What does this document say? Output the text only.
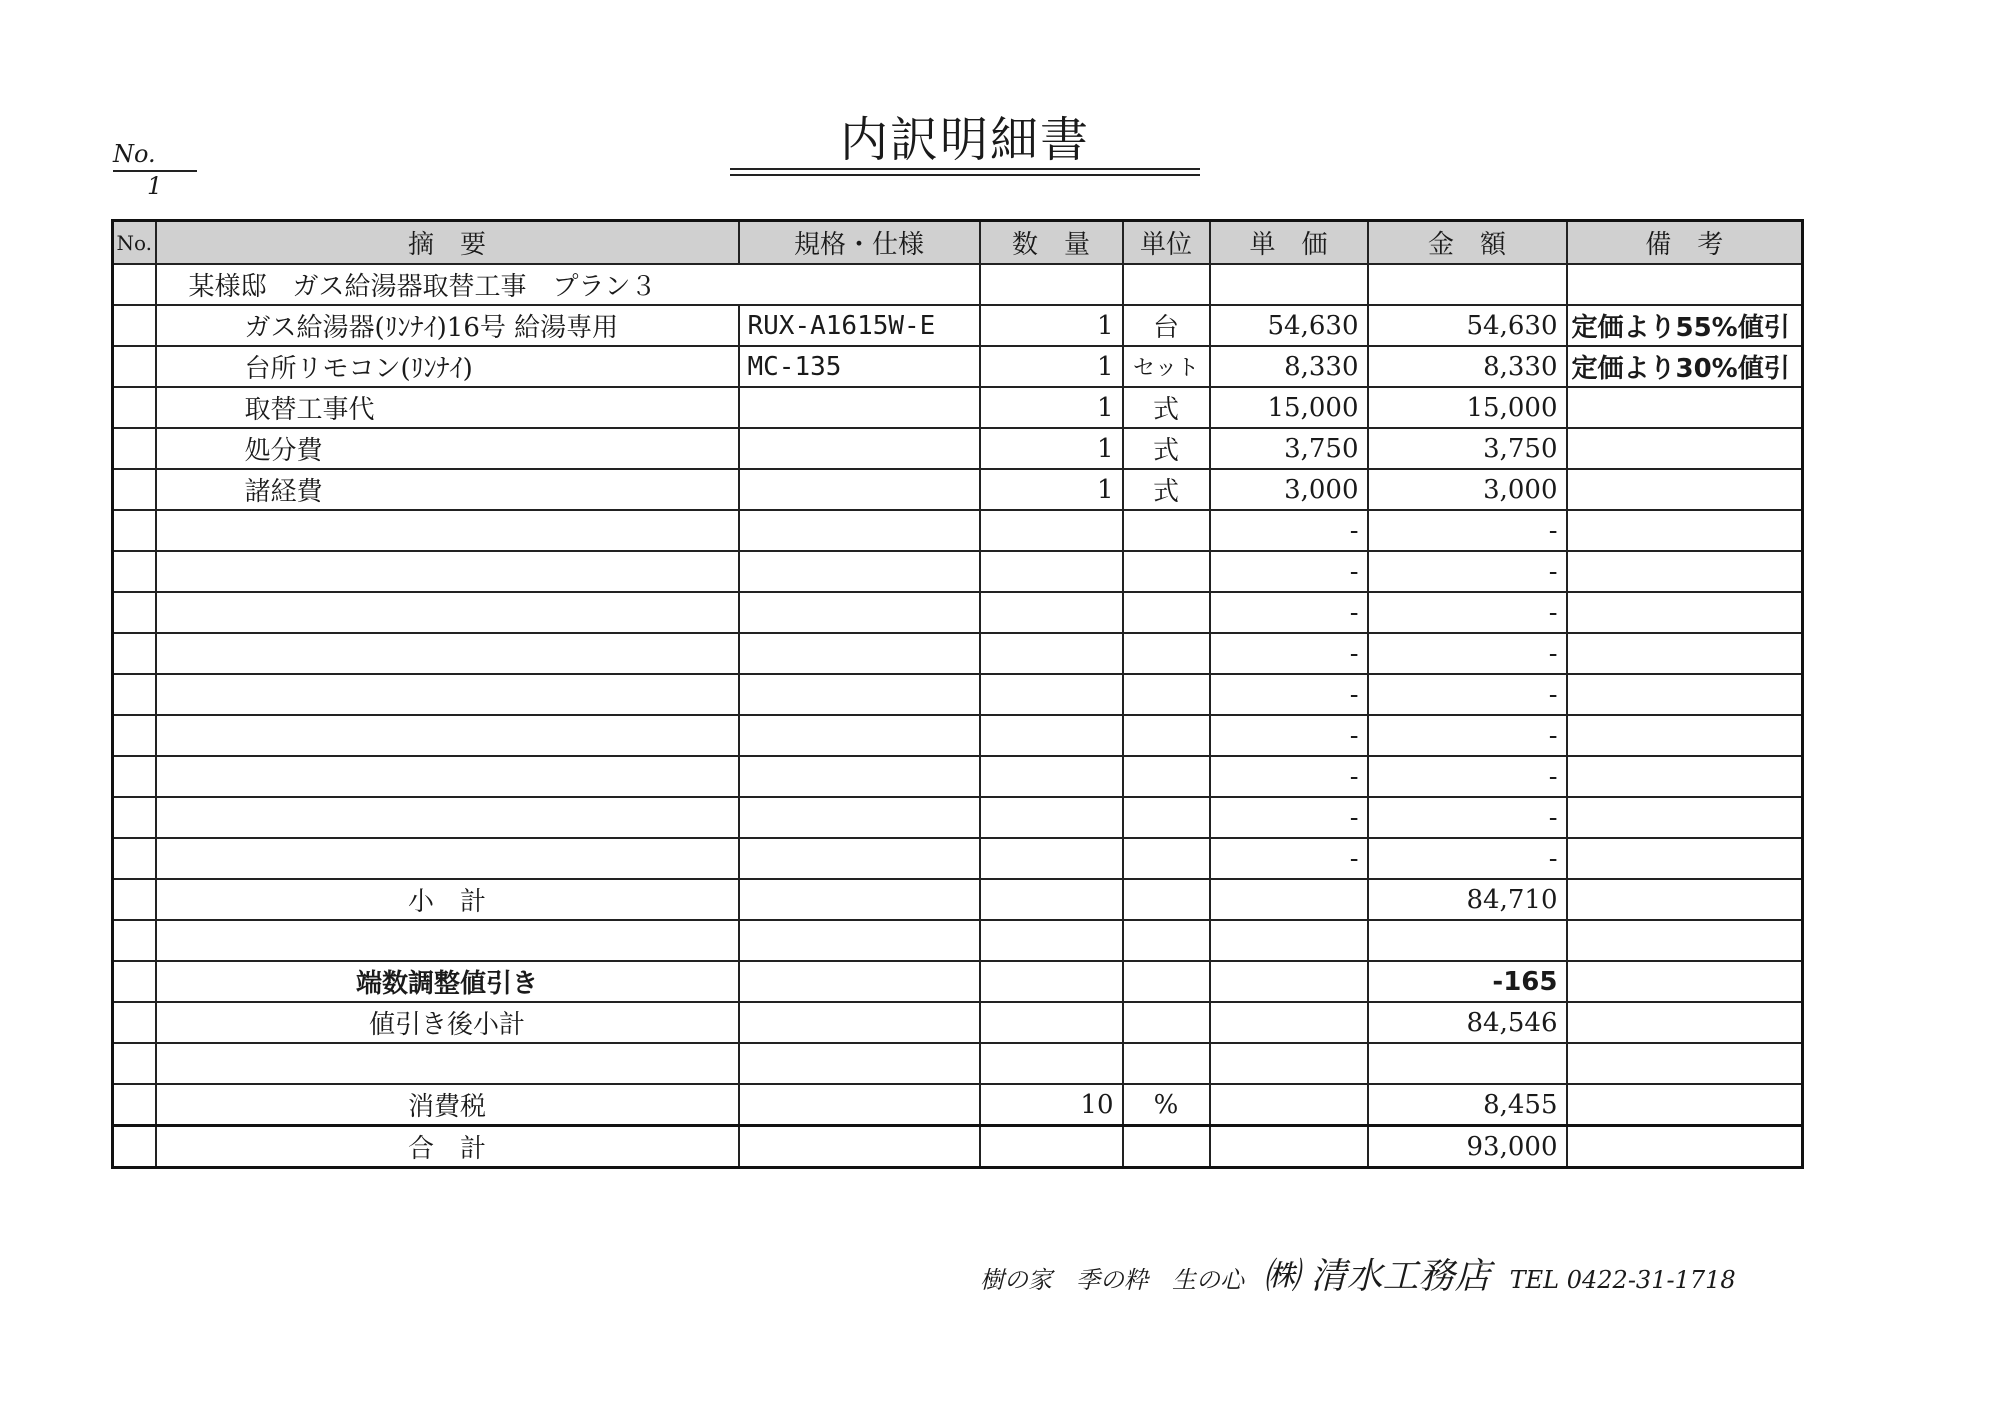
No. 1
内訳明細書
No.	摘　要	規格・仕様	数　量	単位	単　価	金　額	備　考
	某様邸　ガス給湯器取替工事　プラン３						
	ガス給湯器(ﾘﾝﾅｲ)16号 給湯専用	RUX-A1615W-E	1	台	54,630	54,630	定価より55%値引
	台所リモコン(ﾘﾝﾅｲ)	MC-135	1	セット	8,330	8,330	定価より30%値引
	取替工事代		1	式	15,000	15,000	
	処分費		1	式	3,750	3,750	
	諸経費		1	式	3,000	3,000	
					-	-	
					-	-	
					-	-	
					-	-	
					-	-	
					-	-	
					-	-	
					-	-	
					-	-	
	小　計					84,710	

	端数調整値引き					-165	
	値引き後小計					84,546	

	消費税		10	%		8,455	
	合　計					93,000	
樹の家　季の粋　生の心 ㈱ 清水工務店 TEL 0422-31-1718
